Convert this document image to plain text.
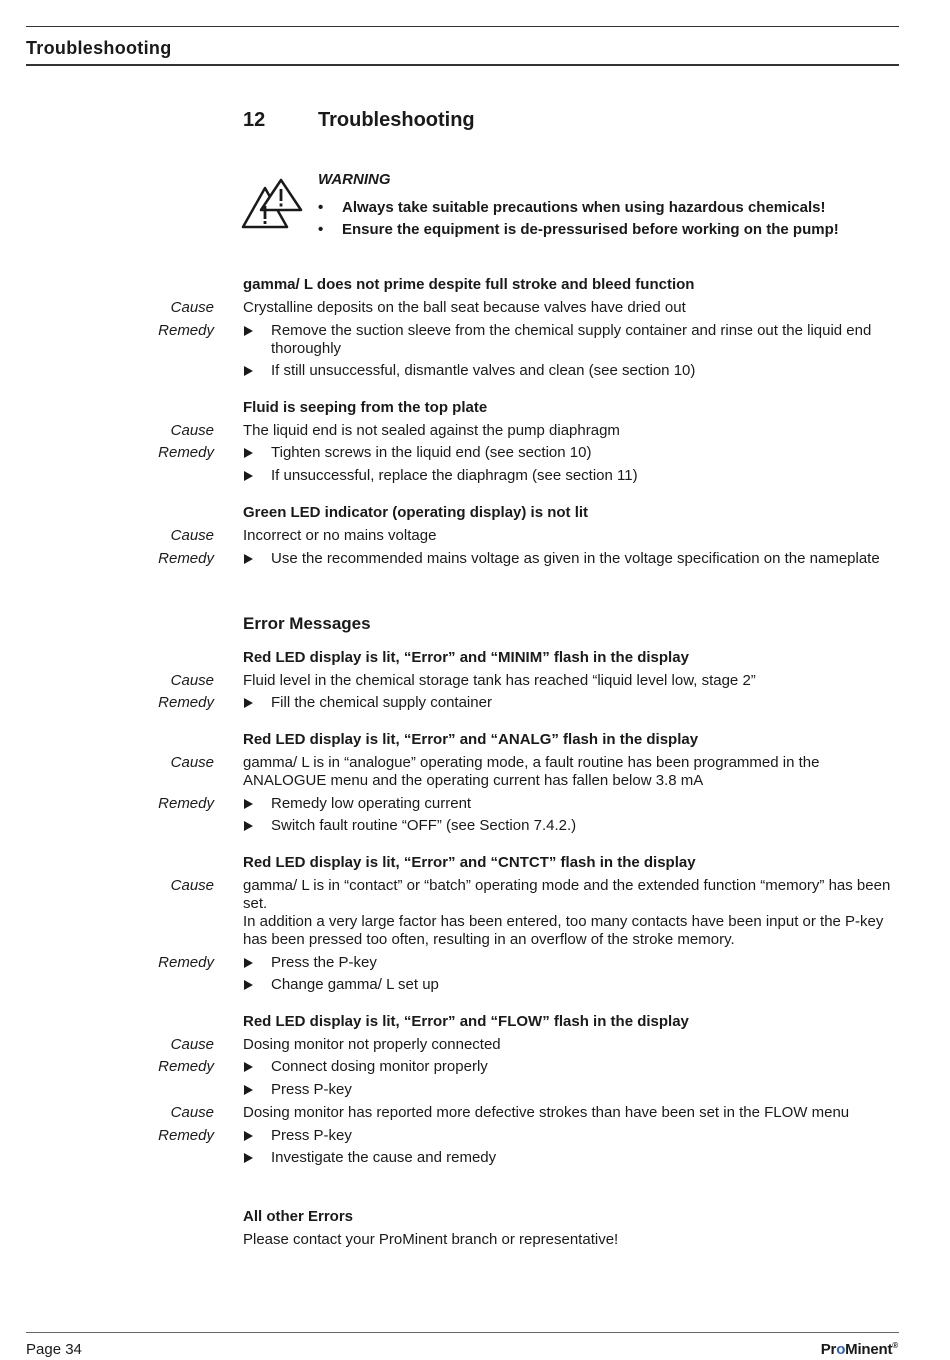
Troubleshooting
12	Troubleshooting
WARNING
• Always take suitable precautions when using hazardous chemicals!
• Ensure the equipment is de-pressurised before working on the pump!
gamma/ L does not prime despite full stroke and bleed function
Cause Crystalline deposits on the ball seat because valves have dried out
Remedy	Remove the suction sleeve from the chemical supply container and rinse out the liquid end thoroughly
If still unsuccessful, dismantle valves and clean (see section 10)
Fluid is seeping from the top plate
Cause The liquid end is not sealed against the pump diaphragm
Remedy	Tighten screws in the liquid end (see section 10)
If unsuccessful, replace the diaphragm (see section 11)
Green LED indicator (operating display) is not lit
Cause Incorrect or no mains voltage
Remedy	Use the recommended mains voltage as given in the voltage specification on the nameplate
Error Messages
Red LED display is lit, “Error” and “MINIM” flash in the display
Cause Fluid level in the chemical storage tank has reached “liquid level low, stage 2”
Remedy	Fill the chemical supply container
Red LED display is lit, “Error” and “ANALG” flash in the display
Cause gamma/ L is in “analogue” operating mode, a fault routine has been programmed in the ANALOGUE menu and the operating current has fallen below 3.8 mA
Remedy	Remedy low operating current
Switch fault routine “OFF” (see Section 7.4.2.)
Red LED display is lit, “Error” and “CNTCT” flash in the display
Cause gamma/ L is in “contact” or “batch” operating mode and the extended function “memory” has been set.
In addition a very large factor has been entered, too many contacts have been input or the P-key has been pressed too often, resulting in an overflow of the stroke memory.
Remedy	Press the P-key
Change gamma/ L set up
Red LED display is lit, “Error” and “FLOW” flash in the display
Cause Dosing monitor not properly connected
Remedy	Connect dosing monitor properly
Press P-key
Cause Dosing monitor has reported more defective strokes than have been set in the FLOW menu
Remedy	Press P-key
Investigate the cause and remedy
All other Errors
Please contact your ProMinent branch or representative!
Page 34	ProMinent®
